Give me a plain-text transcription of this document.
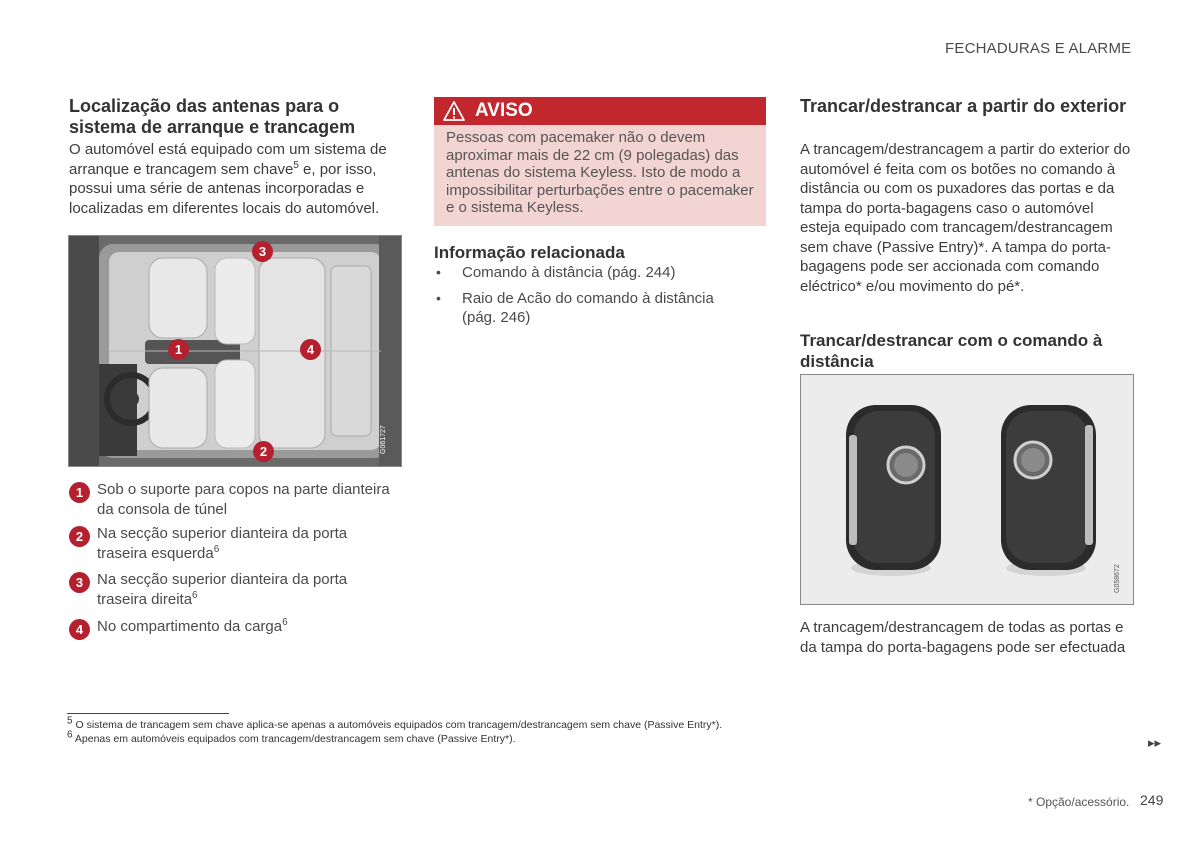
FECHADURAS E ALARME
Localização das antenas para o sistema de arranque e trancagem

O automóvel está equipado com um sistema de arranque e trancagem sem chave$^5$ e, por isso, possui uma série de antenas incorporadas e localizadas em diferentes locais do automóvel.

G061727
1
2
3
4
1 Sob o suporte para copos na parte dianteira da consola de túnel
2 Na secção superior dianteira da porta traseira esquerda$^6$
3 Na secção superior dianteira da porta traseira direita$^6$
4 No compartimento da carga$^6$
AVISO
Pessoas com pacemaker não o devem aproximar mais de 22 cm (9 polegadas) das antenas do sistema Keyless. Isto de modo a impossibilitar perturbações entre o pacemaker e o sistema Keyless.
Informação relacionada
• Comando à distância (pág. 244)
• Raio de Acão do comando à distância (pág. 246)
Trancar/destrancar a partir do exterior
A trancagem/destrancagem a partir do exterior do automóvel é feita com os botões no comando à distância ou com os puxadores das portas e da tampa do porta-bagagens caso o automóvel esteja equipado com trancagem/destrancagem sem chave (Passive Entry)*. A tampa do porta-bagagens pode ser accionada com comando eléctrico* e/ou movimento do pé*.
Trancar/destrancar com o comando à distância
G058672
A trancagem/destrancagem de todas as portas e da tampa do porta-bagagens pode ser efectuada
$^5$ O sistema de trancagem sem chave aplica-se apenas a automóveis equipados com trancagem/destrancagem sem chave (Passive Entry*).
$^6$ Apenas em automóveis equipados com trancagem/destrancagem sem chave (Passive Entry*).	▸▸
* Opção/acessório. 249
